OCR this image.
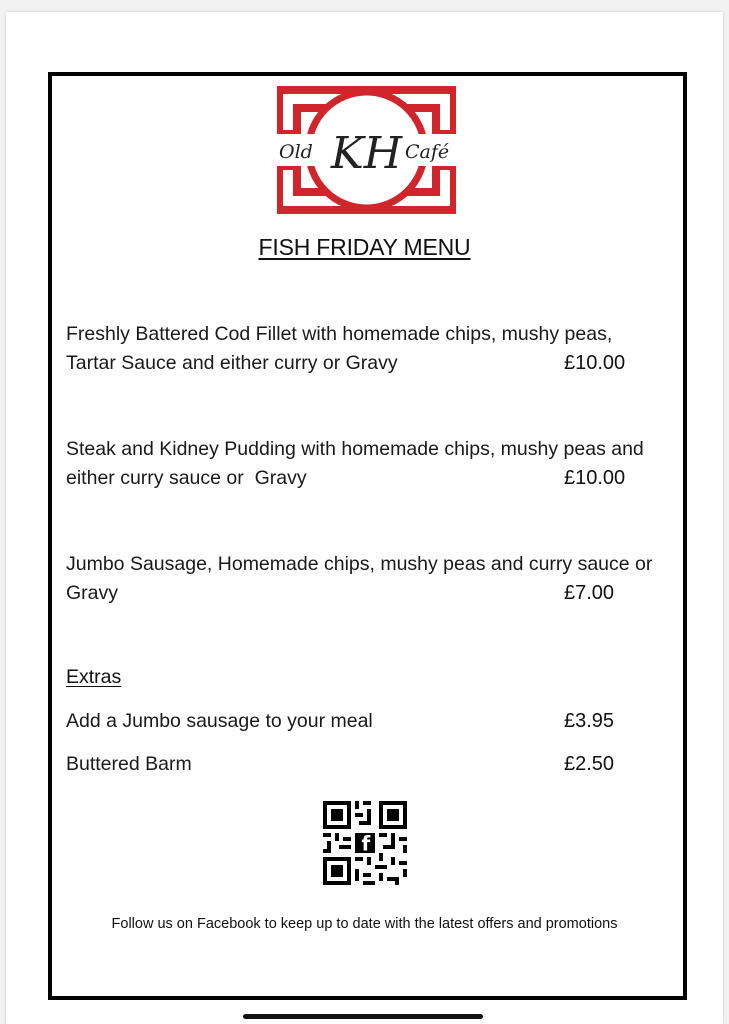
Old KH Café
FISH FRIDAY MENU
Freshly Battered Cod Fillet with homemade chips, mushy peas,
Tartar Sauce and either curry or Gravy	£10.00
Steak and Kidney Pudding with homemade chips, mushy peas and
either curry sauce or  Gravy	£10.00
Jumbo Sausage, Homemade chips, mushy peas and curry sauce or
Gravy	£7.00
Extras
Add a Jumbo sausage to your meal	£3.95
Buttered Barm	£2.50
f
Follow us on Facebook to keep up to date with the latest offers and promotions
